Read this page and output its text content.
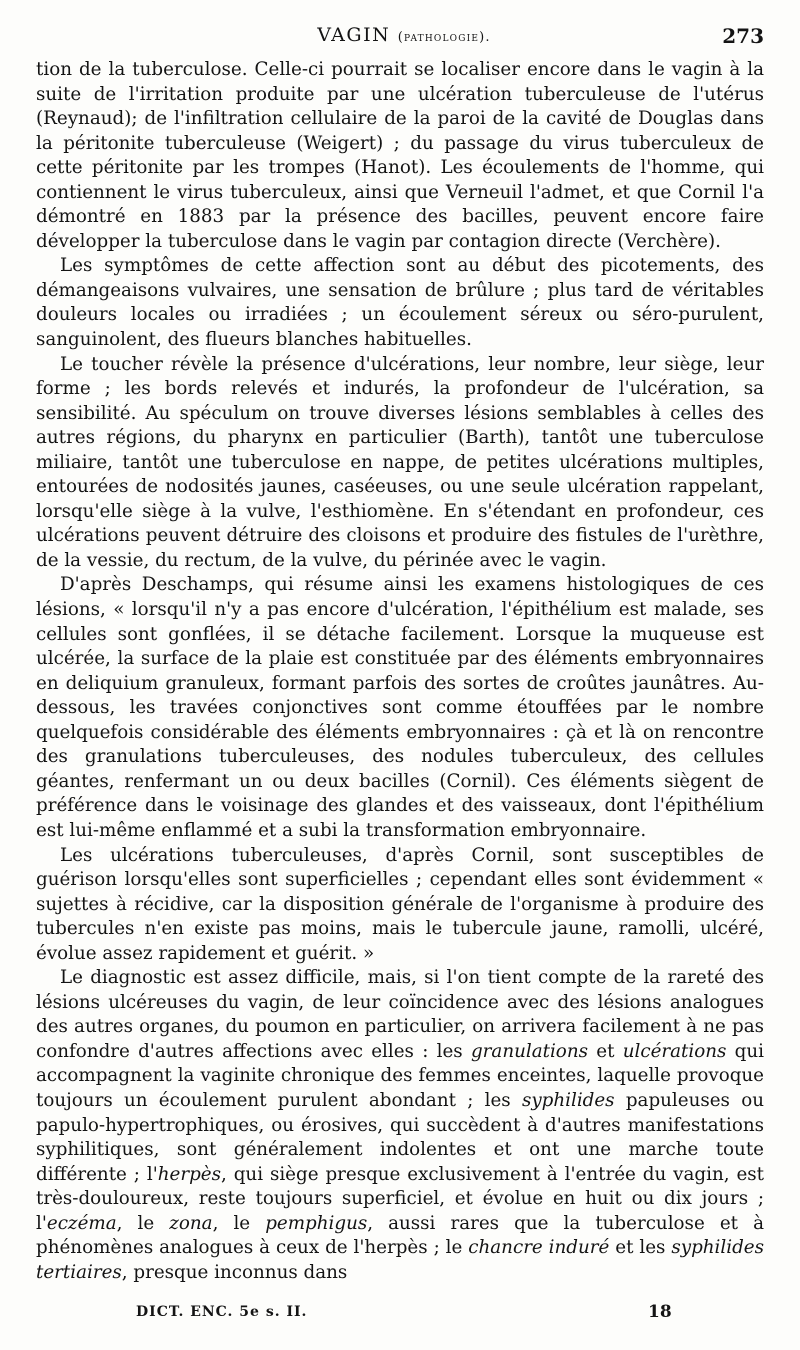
VAGIN (pathologie).	273

tion de la tuberculose. Celle-ci pourrait se localiser encore dans le vagin à la suite de l'irritation produite par une ulcération tuberculeuse de l'utérus (Reynaud); de l'infiltration cellulaire de la paroi de la cavité de Douglas dans la péritonite tuberculeuse (Weigert) ; du passage du virus tuberculeux de cette péritonite par les trompes (Hanot). Les écoulements de l'homme, qui contiennent le virus tuberculeux, ainsi que Verneuil l'admet, et que Cornil l'a démontré en 1883 par la présence des bacilles, peuvent encore faire développer la tuberculose dans le vagin par contagion directe (Verchère).

Les symptômes de cette affection sont au début des picotements, des démangeaisons vulvaires, une sensation de brûlure ; plus tard de véritables douleurs locales ou irradiées ; un écoulement séreux ou séro-purulent, sanguinolent, des flueurs blanches habituelles.

Le toucher révèle la présence d'ulcérations, leur nombre, leur siège, leur forme ; les bords relevés et indurés, la profondeur de l'ulcération, sa sensibilité. Au spéculum on trouve diverses lésions semblables à celles des autres régions, du pharynx en particulier (Barth), tantôt une tuberculose miliaire, tantôt une tuberculose en nappe, de petites ulcérations multiples, entourées de nodosités jaunes, caséeuses, ou une seule ulcération rappelant, lorsqu'elle siège à la vulve, l'esthiomène. En s'étendant en profondeur, ces ulcérations peuvent détruire des cloisons et produire des fistules de l'urèthre, de la vessie, du rectum, de la vulve, du périnée avec le vagin.

D'après Deschamps, qui résume ainsi les examens histologiques de ces lésions, « lorsqu'il n'y a pas encore d'ulcération, l'épithélium est malade, ses cellules sont gonflées, il se détache facilement. Lorsque la muqueuse est ulcérée, la surface de la plaie est constituée par des éléments embryonnaires en deliquium granuleux, formant parfois des sortes de croûtes jaunâtres. Au-dessous, les travées conjonctives sont comme étouffées par le nombre quelquefois considérable des éléments embryonnaires : çà et là on rencontre des granulations tuberculeuses, des nodules tuberculeux, des cellules géantes, renfermant un ou deux bacilles (Cornil). Ces éléments siègent de préférence dans le voisinage des glandes et des vaisseaux, dont l'épithélium est lui-même enflammé et a subi la transformation embryonnaire.

Les ulcérations tuberculeuses, d'après Cornil, sont susceptibles de guérison lorsqu'elles sont superficielles ; cependant elles sont évidemment « sujettes à récidive, car la disposition générale de l'organisme à produire des tubercules n'en existe pas moins, mais le tubercule jaune, ramolli, ulcéré, évolue assez rapidement et guérit. »

Le diagnostic est assez difficile, mais, si l'on tient compte de la rareté des lésions ulcéreuses du vagin, de leur coïncidence avec des lésions analogues des autres organes, du poumon en particulier, on arrivera facilement à ne pas confondre d'autres affections avec elles : les granulations et ulcérations qui accompagnent la vaginite chronique des femmes enceintes, laquelle provoque toujours un écoulement purulent abondant ; les syphilides papuleuses ou papulo-hypertrophiques, ou érosives, qui succèdent à d'autres manifestations syphilitiques, sont généralement indolentes et ont une marche toute différente ; l'herpès, qui siège presque exclusivement à l'entrée du vagin, est très-douloureux, reste toujours superficiel, et évolue en huit ou dix jours ; l'eczéma, le zona, le pemphigus, aussi rares que la tuberculose et à phénomènes analogues à ceux de l'herpès ; le chancre induré et les syphilides tertiaires, presque inconnus dans

DICT. ENC. 5e s. II.	18
